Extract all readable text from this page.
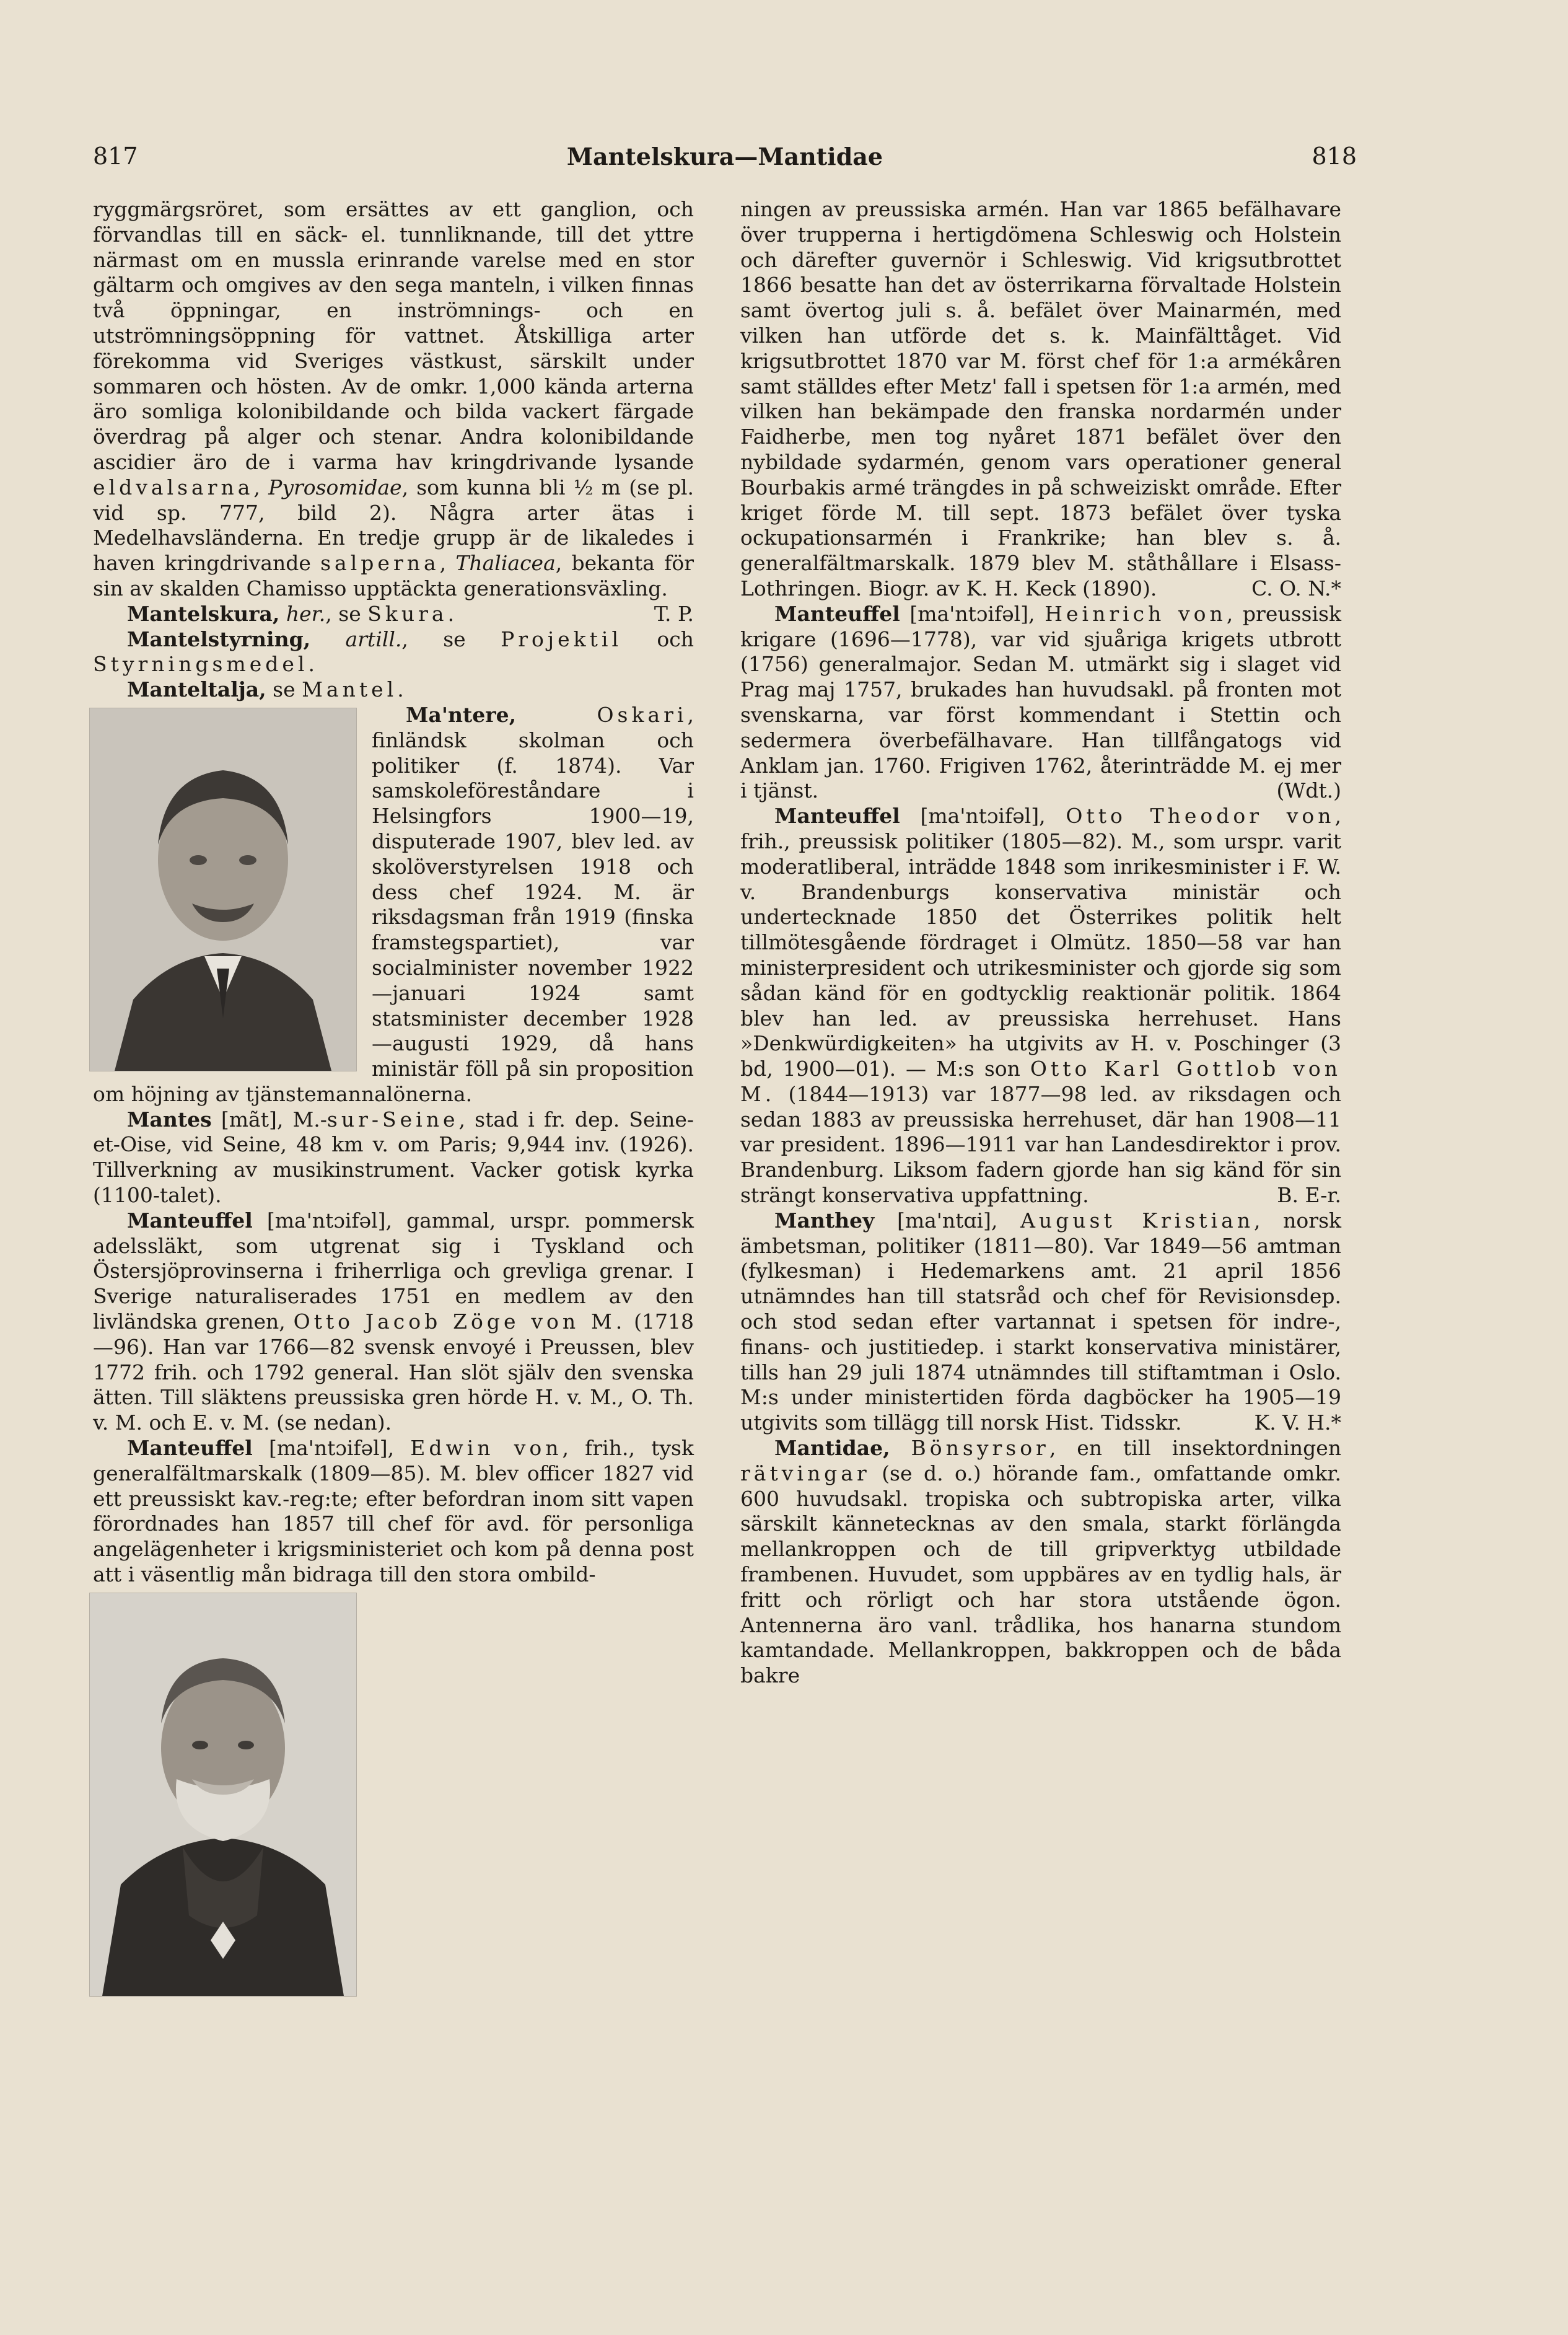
817	Mantelskura—Mantidae	818

ryggmärgsröret, som ersättes av ett ganglion, och förvandlas till en säck- el. tunnliknande, till det yttre närmast om en mussla erinrande varelse med en stor gältarm och omgives av den sega manteln, i vilken finnas två öppningar, en inströmnings- och en utströmningsöppning för vattnet. Åtskilliga arter förekomma vid Sveriges västkust, särskilt under sommaren och hösten. Av de omkr. 1,000 kända arterna äro somliga kolonibildande och bilda vackert färgade överdrag på alger och stenar. Andra kolonibildande ascidier äro de i varma hav kringdrivande lysande eldvalsarna, Pyrosomidae, som kunna bli ½ m (se pl. vid sp. 777, bild 2). Några arter ätas i Medelhavsländerna. En tredje grupp är de likaledes i haven kringdrivande salperna, Thaliacea, bekanta för sin av skalden Chamisso upptäckta generationsväxling.
T. P.

Mantelskura, her., se Skura.

Mantelstyrning, artill., se Projektil och Styrningsmedel.

Manteltalja, se Mantel.

Ma'ntere,	Oskari
, finländsk skolman och politiker (f. 1874). Var samskoleföreståndare i Helsingfors 1900—19, disputerade 1907, blev led. av skolöverstyrelsen 1918 och dess chef 1924. M. är riksdagsman från 1919 (finska framstegspartiet), var socialminister november 1922—januari 1924 samt statsminister december 1928—augusti 1929, då hans ministär föll på sin proposition om höjning av tjänstemannalönerna.

Mantes [mãt], M.-sur-Seine, stad i fr. dep. Seine-et-Oise, vid Seine, 48 km v. om Paris; 9,944 inv. (1926). Tillverkning av musikinstrument. Vacker gotisk kyrka (1100-talet).

Manteuffel [ma'ntɔifəl], gammal, urspr. pommersk adelssläkt, som utgrenat sig i Tyskland och Östersjöprovinserna i friherrliga och grevliga grenar. I Sverige naturaliserades 1751 en medlem av den livländska grenen, Otto Jacob Zöge von M. (1718—96). Han var 1766—82 svensk envoyé i Preussen, blev 1772 frih. och 1792 general. Han slöt själv den svenska ätten. Till släktens preussiska gren hörde H. v. M., O. Th. v. M. och E. v. M. (se nedan).

Manteuffel [ma'ntɔifəl], Edwin von, frih., tysk generalfältmarskalk (1809—85). M. blev officer 1827 vid ett preussiskt kav.-reg:te; efter befordran inom sitt vapen förordnades han 1857 till chef för avd. för personliga angelägenheter i krigsministeriet och kom på denna post att i väsentlig mån bidraga till den stora ombild-

ningen av preussiska armén. Han var 1865 befälhavare över trupperna i hertigdömena Schleswig och Holstein och därefter guvernör i Schleswig. Vid krigsutbrottet 1866 besatte han det av österrikarna förvaltade Holstein samt övertog juli s. å. befälet över Mainarmén, med vilken han utförde det s. k. Mainfälttåget. Vid krigsutbrottet 1870 var M. först chef för 1:a armékåren samt ställdes efter Metz' fall i spetsen för 1:a armén, med vilken han bekämpade den franska nordarmén under Faidherbe, men tog nyåret 1871 befälet över den nybildade sydarmén, genom vars operationer general Bourbakis armé trängdes in på schweiziskt område. Efter kriget förde M. till sept. 1873 befälet över tyska ockupationsarmén i Frankrike; han blev s. å. generalfältmarskalk. 1879 blev M. ståthållare i Elsass-Lothringen. Biogr. av K. H. Keck (1890).	C. O. N.*

Manteuffel [ma'ntɔifəl], Heinrich von, preussisk krigare (1696—1778), var vid sjuåriga krigets utbrott (1756) generalmajor. Sedan M. utmärkt sig i slaget vid Prag maj 1757, brukades han huvudsakl. på fronten mot svenskarna, var först kommendant i Stettin och sedermera överbefälhavare. Han tillfångatogs vid Anklam jan. 1760. Frigiven 1762, återinträdde M. ej mer i tjänst.	(Wdt.)

Manteuffel [ma'ntɔifəl], Otto Theodor von, frih., preussisk politiker (1805—82). M., som urspr. varit moderatliberal, inträdde 1848 som inrikesminister i F. W. v. Brandenburgs konservativa ministär och undertecknade 1850 det Österrikes politik helt tillmötesgående fördraget i Olmütz. 1850—58 var han ministerpresident och utrikesminister och gjorde sig som sådan känd för en godtycklig reaktionär politik. 1864 blev han led. av preussiska herrehuset. Hans »Denkwürdigkeiten» ha utgivits av H. v. Poschinger (3 bd, 1900—01). — M:s son Otto Karl Gottlob von M. (1844—1913) var 1877—98 led. av riksdagen och sedan 1883 av preussiska herrehuset, där han 1908—11 var president. 1896—1911 var han Landesdirektor i prov. Brandenburg. Liksom fadern gjorde han sig känd för sin strängt konservativa uppfattning.	B. E-r.

Manthey [ma'ntɑi], August Kristian, norsk ämbetsman, politiker (1811—80). Var 1849—56 amtman (fylkesman) i Hedemarkens amt. 21 april 1856 utnämndes han till statsråd och chef för Revisionsdep. och stod sedan efter vartannat i spetsen för indre-, finans- och justitiedep. i starkt konservativa ministärer, tills han 29 juli 1874 utnämndes till stiftamtman i Oslo. M:s under ministertiden förda dagböcker ha 1905—19 utgivits som tillägg till norsk Hist. Tidsskr.	K. V. H.*

Mantidae, Bönsyrsor, en till insektordningen rätvingar (se d. o.) hörande fam., omfattande omkr. 600 huvudsakl. tropiska och subtropiska arter, vilka särskilt kännetecknas av den smala, starkt förlängda mellankroppen och de till gripverktyg utbildade frambenen. Huvudet, som uppbäres av en tydlig hals, är fritt och rörligt och har stora utstående ögon. Antennerna äro vanl. trådlika, hos hanarna stundom kamtandade. Mellankroppen, bakkroppen och de båda bakre
